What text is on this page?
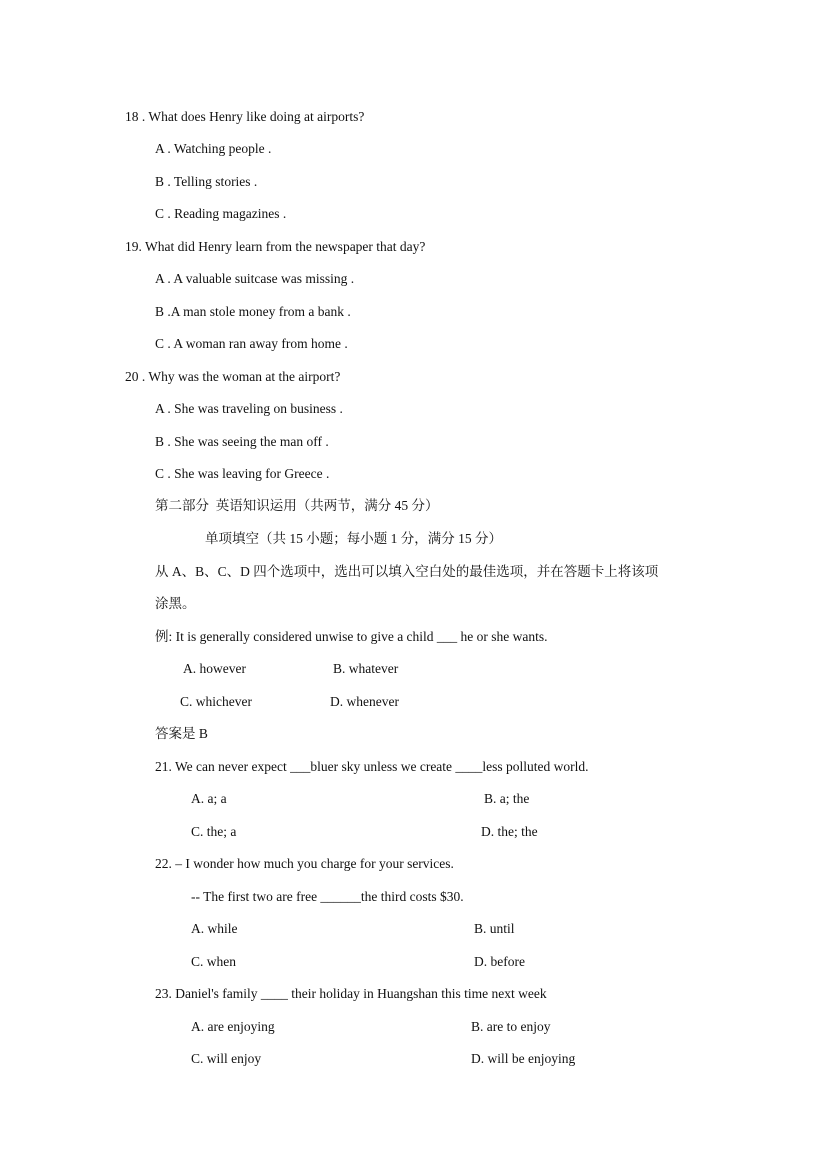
18 . What does Henry like doing at airports?
A . Watching people .
B . Telling stories .
C . Reading magazines .
19. What did Henry learn from the newspaper that day?
A . A valuable suitcase was missing .
B .A man stole money from a bank .
C . A woman ran away from home .
20 . Why was the woman at the airport?
A . She was traveling on business .
B . She was seeing the man off .
C . She was leaving for Greece .
第二部分  英语知识运用（共两节，满分 45 分）
单项填空（共 15 小题；每小题 1 分，满分 15 分）
从 A、B、C、D 四个选项中，选出可以填入空白处的最佳选项，并在答题卡上将该项
涂黑。
例: It is generally considered unwise to give a child ___ he or she wants.
A. however	B. whatever
C. whichever	D. whenever
答案是 B
21. We can never expect ___bluer sky unless we create ____less polluted world.
A. a; a	B. a; the
C. the; a	D. the; the
22. – I wonder how much you charge for your services.
-- The first two are free ______the third costs $30.
A. while	B. until
C. when	D. before
23. Daniel's family ____ their holiday in Huangshan this time next week
A. are enjoying	B. are to enjoy
C. will enjoy	D. will be enjoying
